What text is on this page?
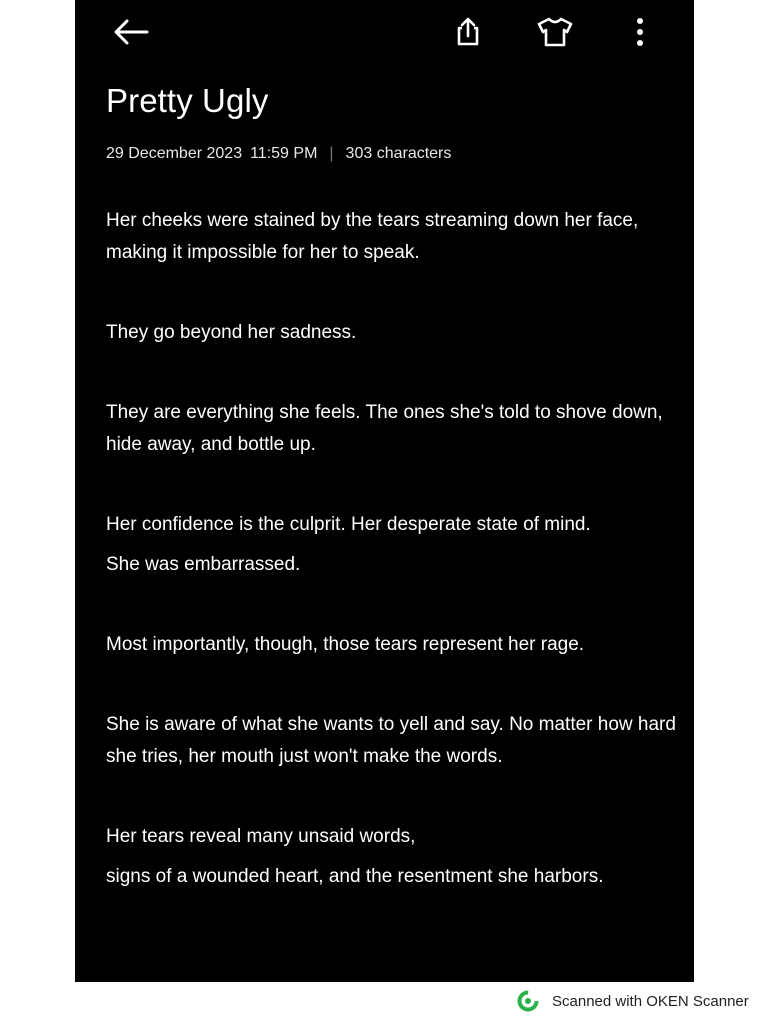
Pretty Ugly
29 December 2023 11:59 PM | 303 characters

Her cheeks were stained by the tears streaming down her face, making it impossible for her to speak.

They go beyond her sadness.

They are everything she feels. The ones she's told to shove down, hide away, and bottle up.

Her confidence is the culprit. Her desperate state of mind.

She was embarrassed.

Most importantly, though, those tears represent her rage.

She is aware of what she wants to yell and say. No matter how hard she tries, her mouth just won't make the words.

Her tears reveal many unsaid words,

signs of a wounded heart, and the resentment she harbors.

Scanned with OKEN Scanner
